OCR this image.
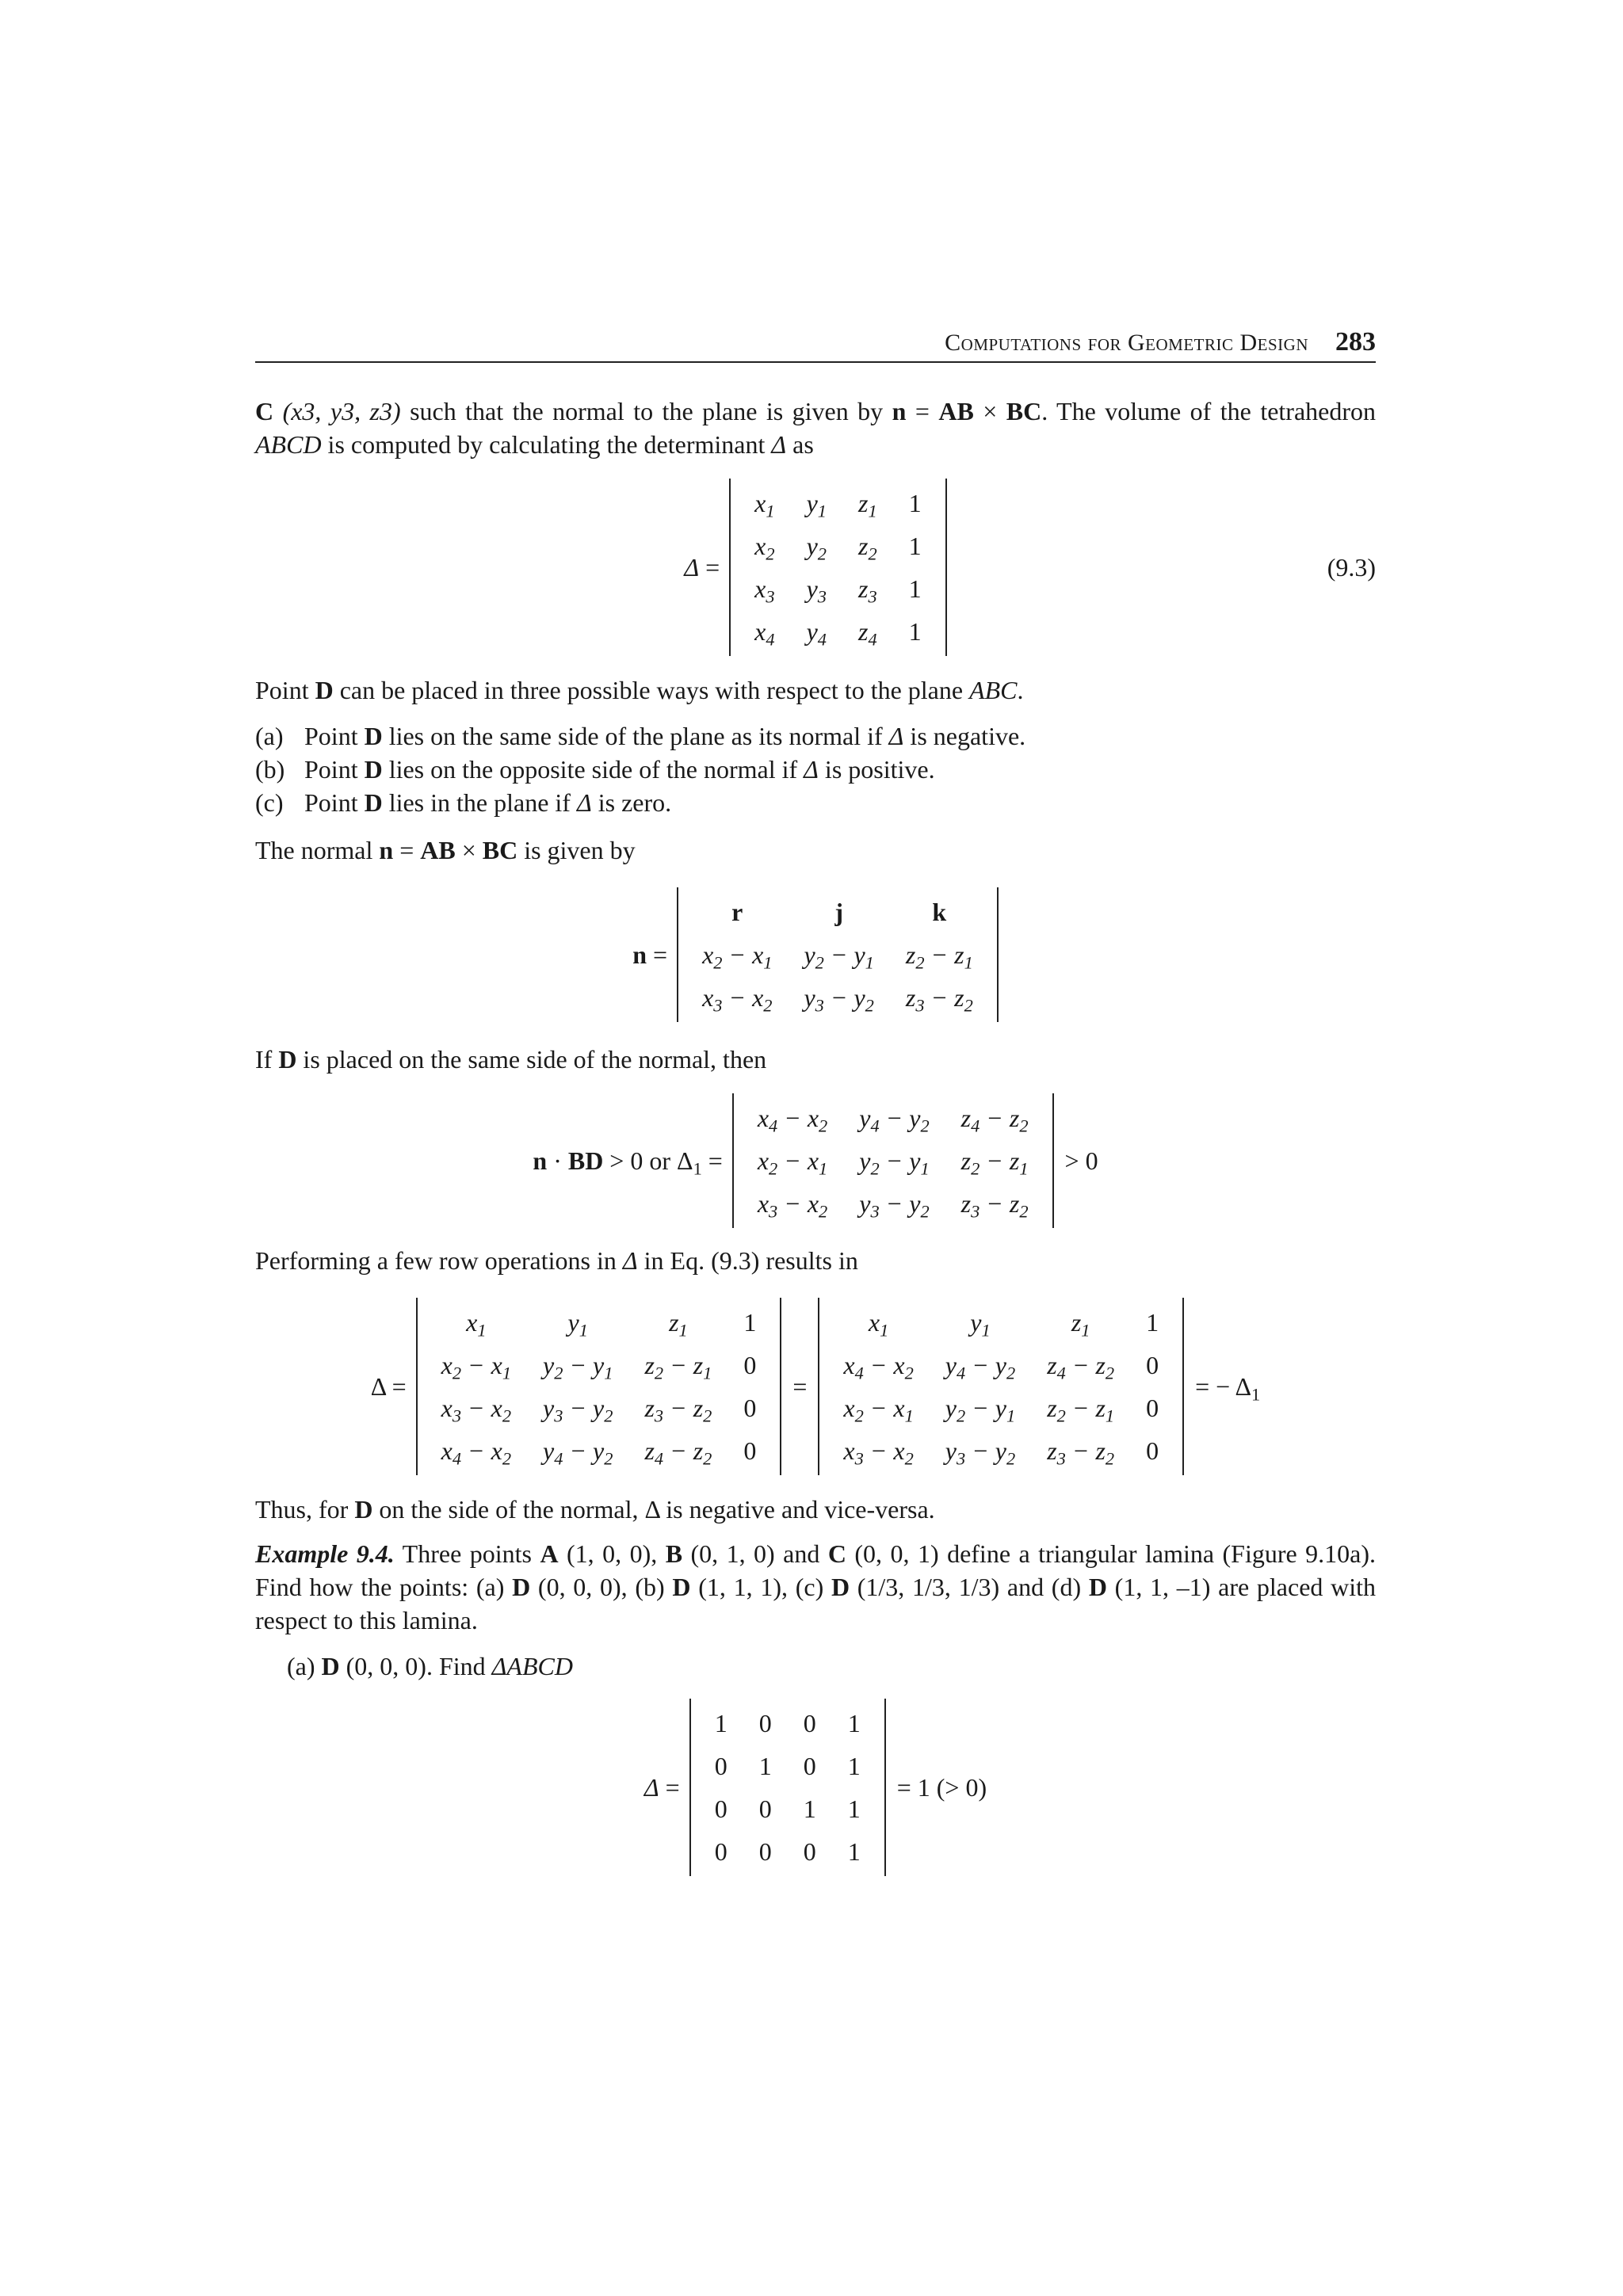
Computations for Geometric Design 283

C (x3, y3, z3) such that the normal to the plane is given by n = AB × BC. The volume of the tetrahedron ABCD is computed by calculating the determinant Δ as

Δ =
$x_1$	$y_1$	$z_1$	1
$x_2$	$y_2$	$z_2$	1
$x_3$	$y_3$	$z_3$	1
$x_4$	$y_4$	$z_4$	1
(9.3)

Point D can be placed in three possible ways with respect to the plane ABC.

(a) Point D lies on the same side of the plane as its normal if Δ is negative.
(b) Point D lies on the opposite side of the normal if Δ is positive.
(c) Point D lies in the plane if Δ is zero.

The normal n = AB × BC is given by

n =
r	j	k
$x_2 - x_1$	$y_2 - y_1$	$z_2 - z_1$
$x_3 - x_2$	$y_3 - y_2$	$z_3 - z_2$

If D is placed on the same side of the normal, then

n · BD > 0 or $\Delta_1$ =
$x_4 - x_2$	$y_4 - y_2$	$z_4 - z_2$
$x_2 - x_1$	$y_2 - y_1$	$z_2 - z_1$
$x_3 - x_2$	$y_3 - y_2$	$z_3 - z_2$
> 0

Performing a few row operations in Δ in Eq. (9.3) results in

Δ =
$x_1$	$y_1$	$z_1$	1
$x_2 - x_1$	$y_2 - y_1$	$z_2 - z_1$	0
$x_3 - x_2$	$y_3 - y_2$	$z_3 - z_2$	0
$x_4 - x_2$	$y_4 - y_2$	$z_4 - z_2$	0
=
$x_1$	$y_1$	$z_1$	1
$x_4 - x_2$	$y_4 - y_2$	$z_4 - z_2$	0
$x_2 - x_1$	$y_2 - y_1$	$z_2 - z_1$	0
$x_3 - x_2$	$y_3 - y_2$	$z_3 - z_2$	0
= − $\Delta_1$

Thus, for D on the side of the normal, Δ is negative and vice-versa.

Example 9.4. Three points A (1, 0, 0), B (0, 1, 0) and C (0, 0, 1) define a triangular lamina (Figure 9.10a). Find how the points: (a) D (0, 0, 0), (b) D (1, 1, 1), (c) D (1/3, 1/3, 1/3) and (d) D (1, 1, –1) are placed with respect to this lamina.

(a) D (0, 0, 0). Find ΔABCD

Δ =
1	0	0	1
0	1	0	1
0	0	1	1
0	0	0	1
= 1 (> 0)
